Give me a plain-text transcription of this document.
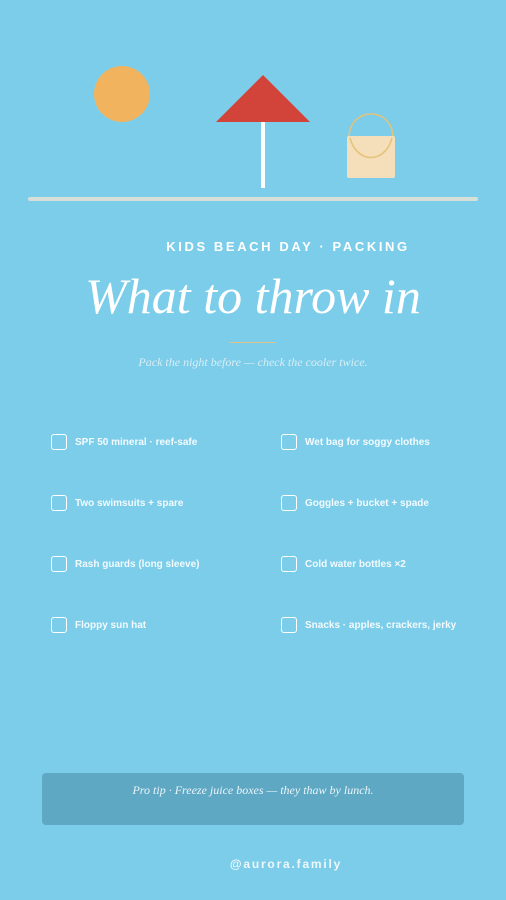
KIDS BEACH DAY · PACKING
What to throw in
Pack the night before — check the cooler twice.
SPF 50 mineral · reef-safe
Two swimsuits + spare
Rash guards (long sleeve)
Floppy sun hat
Wet bag for soggy clothes
Goggles + bucket + spade
Cold water bottles ×2
Snacks · apples, crackers, jerky
Pro tip · Freeze juice boxes — they thaw by lunch.
@aurora.family
